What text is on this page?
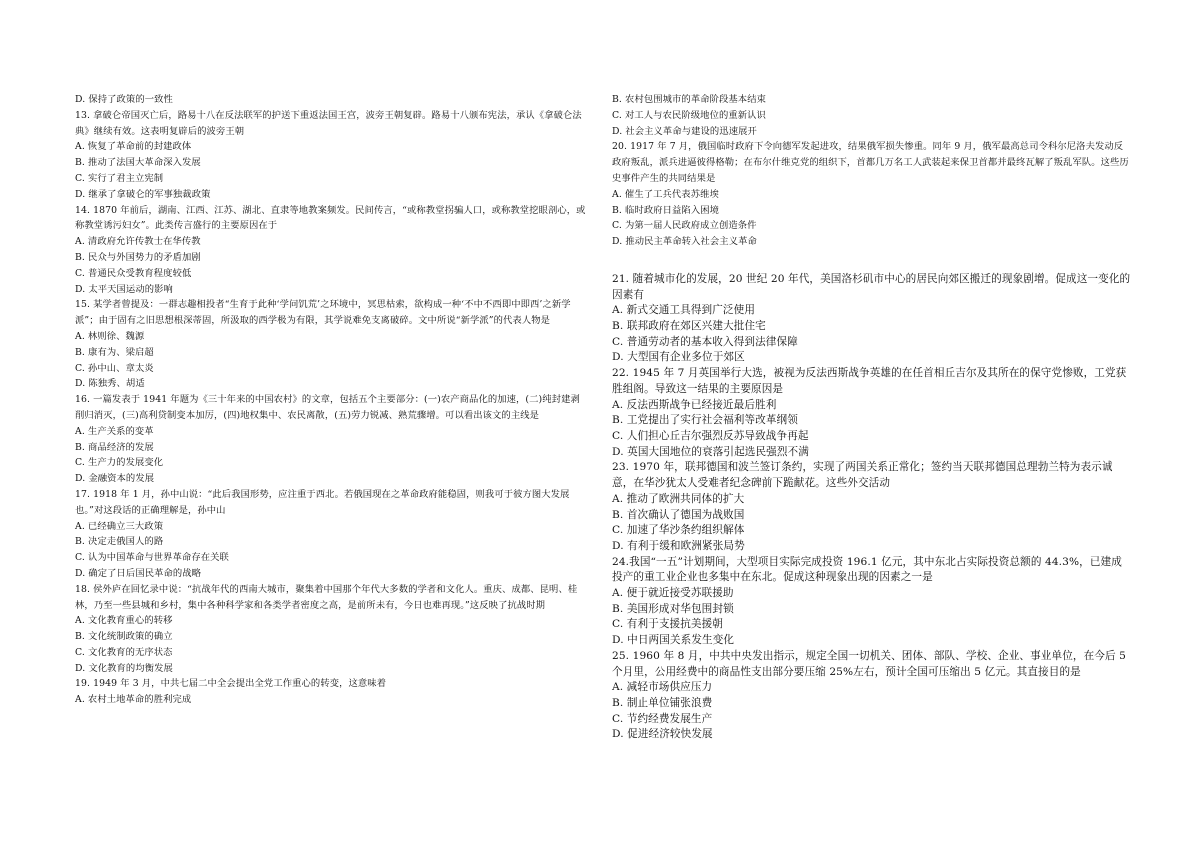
D. 保持了政策的一致性

13. 拿破仑帝国灭亡后，路易十八在反法联军的护送下重返法国王宫，波旁王朝复辟。路易十八颁布宪法，承认《拿破仑法典》继续有效。这表明复辟后的波旁王朝

A. 恢复了革命前的封建政体

B. 推动了法国大革命深入发展

C. 实行了君主立宪制

D. 继承了拿破仑的军事独裁政策

14. 1870 年前后，湖南、江西、江苏、湖北、直隶等地教案频发。民间传言，“或称教堂拐骗人口，或称教堂挖眼剖心，或称教堂诱污妇女”。此类传言盛行的主要原因在于

A. 清政府允许传教士在华传教

B. 民众与外国势力的矛盾加剧

C. 普通民众受教育程度较低

D. 太平天国运动的影响

15. 某学者曾提及：一群志趣相投者“生育于此种‘学问饥荒’之环境中，冥思枯索，欲构成一种‘不中不西即中即西’之新学派”；由于固有之旧思想根深蒂固，所汲取的西学极为有限，其学说难免支离破碎。文中所说“新学派”的代表人物是

A. 林则徐、魏源

B. 康有为、梁启超

C. 孙中山、章太炎

D. 陈独秀、胡适

16. 一篇发表于 1941 年题为《三十年来的中国农村》的文章，包括五个主要部分：(一)农产商品化的加速，(二)纯封建剥削归消灭，(三)高利贷制变本加厉，(四)地权集中、农民离散，(五)劳力锐减、熟荒骤增。可以看出该文的主线是

A. 生产关系的变革

B. 商品经济的发展

C. 生产力的发展变化

D. 金融资本的发展

17. 1918 年 1 月，孙中山说：“此后我国形势，应注重于西北。若俄国现在之革命政府能稳固，则我可于彼方图大发展也。”对这段话的正确理解是，孙中山

A. 已经确立三大政策

B. 决定走俄国人的路

C. 认为中国革命与世界革命存在关联

D. 确定了日后国民革命的战略

18. 侯外庐在回忆录中说：“抗战年代的西南大城市，聚集着中国那个年代大多数的学者和文化人。重庆、成都、昆明、桂林，乃至一些县城和乡村，集中各种科学家和各类学者密度之高，是前所未有，今日也难再现。”这反映了抗战时期

A. 文化教育重心的转移

B. 文化统制政策的确立

C. 文化教育的无序状态

D. 文化教育的均衡发展

19. 1949 年 3 月，中共七届二中全会提出全党工作重心的转变，这意味着

A. 农村土地革命的胜利完成

B. 农村包围城市的革命阶段基本结束

C. 对工人与农民阶级地位的重新认识

D. 社会主义革命与建设的迅速展开

20. 1917 年 7 月，俄国临时政府下令向德军发起进攻，结果俄军损失惨重。同年 9 月，俄军最高总司令科尔尼洛夫发动反政府叛乱，派兵进逼彼得格勒；在布尔什维克党的组织下，首都几万名工人武装起来保卫首都并最终瓦解了叛乱军队。这些历史事件产生的共同结果是

A. 催生了工兵代表苏维埃

B. 临时政府日益陷入困境

C. 为第一届人民政府成立创造条件

D. 推动民主革命转入社会主义革命

21. 随着城市化的发展，20 世纪 20 年代，美国洛杉矶市中心的居民向郊区搬迁的现象剧增。促成这一变化的因素有

A. 新式交通工具得到广泛使用

B. 联邦政府在郊区兴建大批住宅

C. 普通劳动者的基本收入得到法律保障

D. 大型国有企业多位于郊区

22. 1945 年 7 月英国举行大选，被视为反法西斯战争英雄的在任首相丘吉尔及其所在的保守党惨败，工党获胜组阁。导致这一结果的主要原因是

A. 反法西斯战争已经接近最后胜利

B. 工党提出了实行社会福利等改革纲领

C. 人们担心丘吉尔强烈反苏导致战争再起

D. 英国大国地位的衰落引起选民强烈不满

23. 1970 年，联邦德国和波兰签订条约，实现了两国关系正常化；签约当天联邦德国总理勃兰特为表示诚意，在华沙犹太人受难者纪念碑前下跪献花。这些外交活动

A. 推动了欧洲共同体的扩大

B. 首次确认了德国为战败国

C. 加速了华沙条约组织解体

D. 有利于缓和欧洲紧张局势

24.我国“一五”计划期间，大型项目实际完成投资 196.1 亿元，其中东北占实际投资总额的 44.3%，已建成投产的重工业企业也多集中在东北。促成这种现象出现的因素之一是

A. 便于就近接受苏联援助

B. 美国形成对华包围封锁

C. 有利于支援抗美援朝

D. 中日两国关系发生变化

25. 1960 年 8 月，中共中央发出指示，规定全国一切机关、团体、部队、学校、企业、事业单位，在今后 5 个月里，公用经费中的商品性支出部分要压缩 25%左右，预计全国可压缩出 5 亿元。其直接目的是

A. 减轻市场供应压力

B. 制止单位铺张浪费

C. 节约经费发展生产

D. 促进经济较快发展
